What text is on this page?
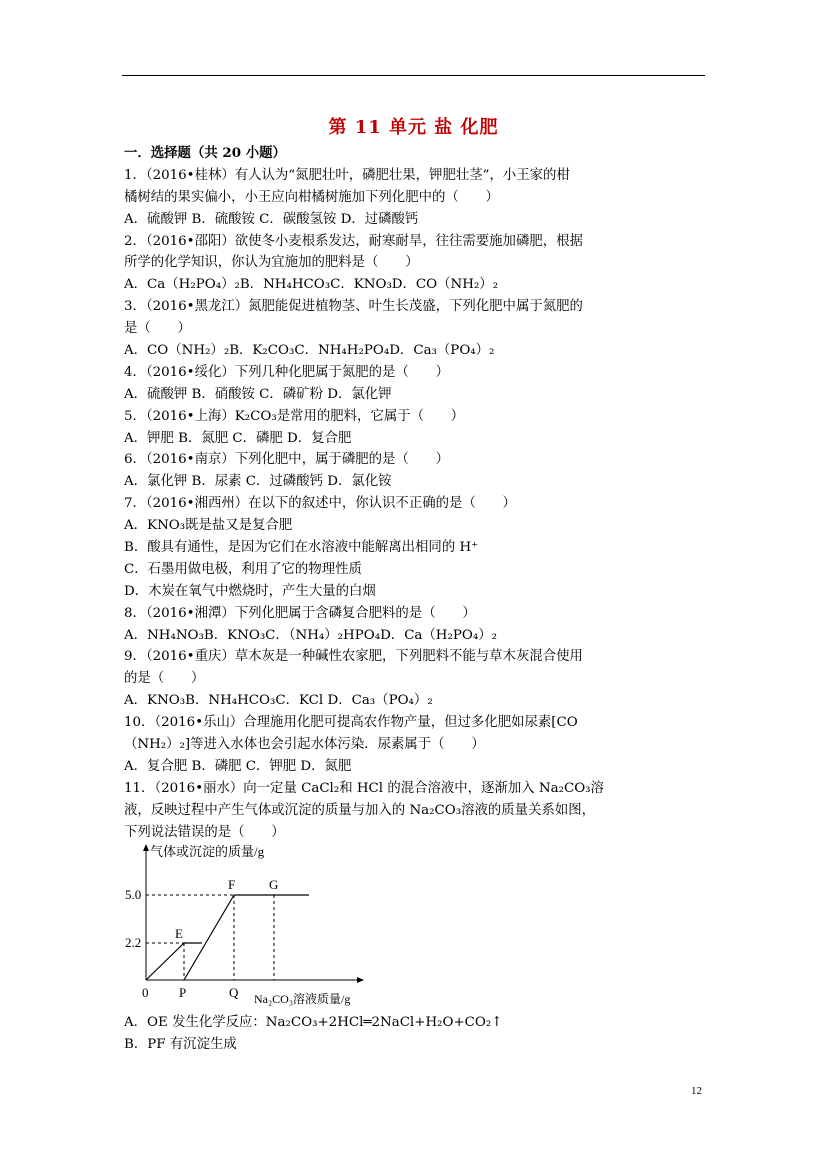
第 11 单元 盐 化肥
一．选择题（共 20 小题）
1．（2016•桂林）有人认为“氮肥壮叶，磷肥壮果，钾肥壮茎”，小王家的柑
橘树结的果实偏小，小王应向柑橘树施加下列化肥中的（　　）
A．硫酸钾 B．硫酸铵 C．碳酸氢铵 D．过磷酸钙
2．（2016•邵阳）欲使冬小麦根系发达，耐寒耐旱，往往需要施加磷肥，根据
所学的化学知识，你认为宜施加的肥料是（　　）
A．Ca（H₂PO₄）₂B．NH₄HCO₃C．KNO₃D．CO（NH₂）₂
3．（2016•黑龙江）氮肥能促进植物茎、叶生长茂盛，下列化肥中属于氮肥的
是（　　）
A．CO（NH₂）₂B．K₂CO₃C．NH₄H₂PO₄D．Ca₃（PO₄）₂
4．（2016•绥化）下列几种化肥属于氮肥的是（　　）
A．硫酸钾 B．硝酸铵 C．磷矿粉 D．氯化钾
5．（2016•上海）K₂CO₃是常用的肥料，它属于（　　）
A．钾肥 B．氮肥 C．磷肥 D．复合肥
6．（2016•南京）下列化肥中，属于磷肥的是（　　）
A．氯化钾 B．尿素 C．过磷酸钙 D．氯化铵
7．（2016•湘西州）在以下的叙述中，你认识不正确的是（　　）
A．KNO₃既是盐又是复合肥
B．酸具有通性，是因为它们在水溶液中能解离出相同的 H⁺
C．石墨用做电极，利用了它的物理性质
D．木炭在氧气中燃烧时，产生大量的白烟
8．（2016•湘潭）下列化肥属于含磷复合肥料的是（　　）
A．NH₄NO₃B．KNO₃C．（NH₄）₂HPO₄D．Ca（H₂PO₄）₂
9．（2016•重庆）草木灰是一种碱性农家肥，下列肥料不能与草木灰混合使用
的是（　　）
A．KNO₃B．NH₄HCO₃C．KCl D．Ca₃（PO₄）₂
10．（2016•乐山）合理施用化肥可提高农作物产量，但过多化肥如尿素[CO
（NH₂）₂]等进入水体也会引起水体污染．尿素属于（　　）
A．复合肥 B．磷肥 C．钾肥 D．氮肥
11．（2016•丽水）向一定量 CaCl₂和 HCl 的混合溶液中，逐渐加入 Na₂CO₃溶
液，反映过程中产生气体或沉淀的质量与加入的 Na₂CO₃溶液的质量关系如图，
下列说法错误的是（　　）
气体或沉淀的质量/g
Na₂CO₃溶液质量/g
0
2.2
5.0
P	Q
E
F	G
A．OE 发生化学反应：Na₂CO₃+2HCl═2NaCl+H₂O+CO₂↑
B．PF 有沉淀生成
12
